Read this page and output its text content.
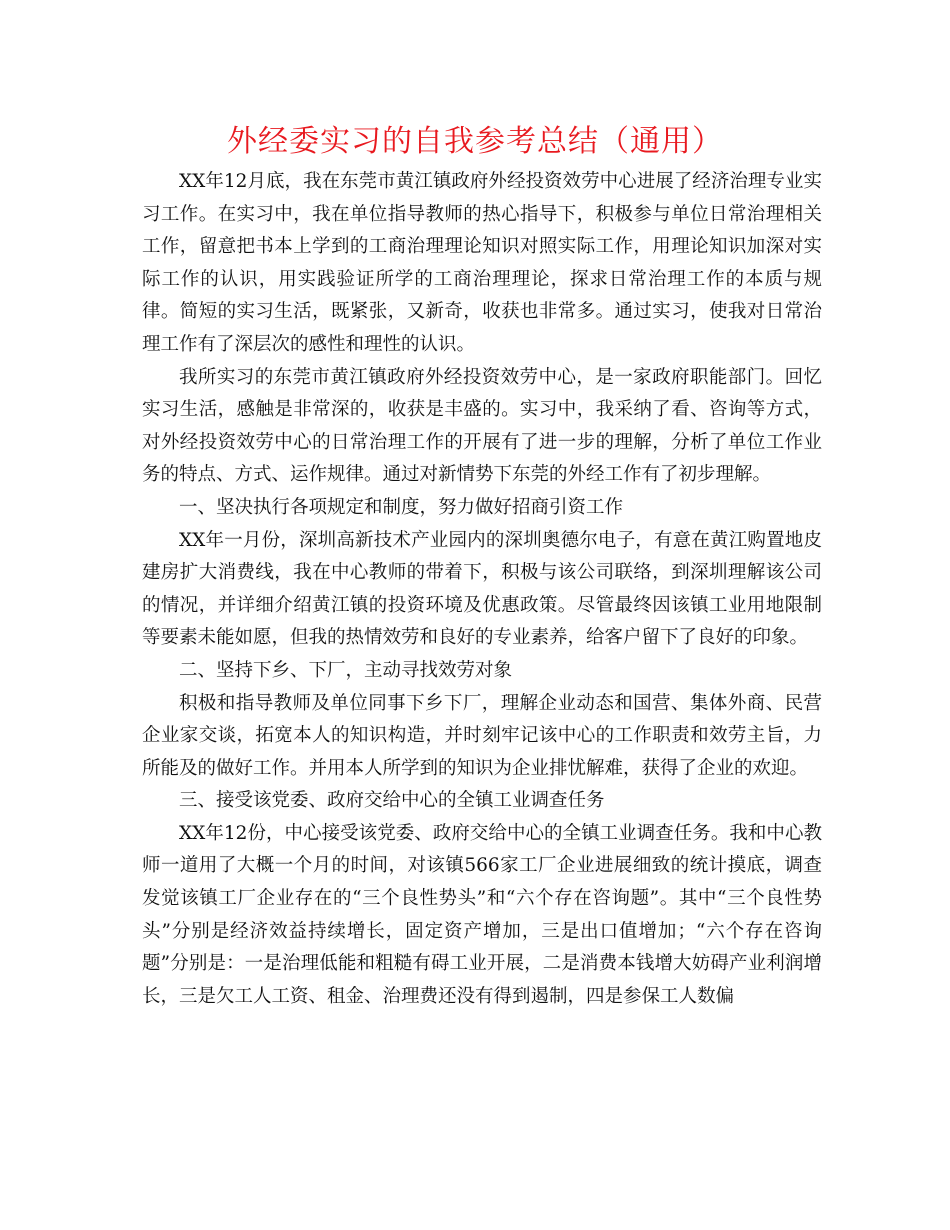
外经委实习的自我参考总结（通用）

XX年12月底，我在东莞市黄江镇政府外经投资效劳中心进展了经济治理专业实习工作。在实习中，我在单位指导教师的热心指导下，积极参与单位日常治理相关工作，留意把书本上学到的工商治理理论知识对照实际工作，用理论知识加深对实际工作的认识，用实践验证所学的工商治理理论，探求日常治理工作的本质与规律。简短的实习生活，既紧张，又新奇，收获也非常多。通过实习，使我对日常治理工作有了深层次的感性和理性的认识。

我所实习的东莞市黄江镇政府外经投资效劳中心，是一家政府职能部门。回忆实习生活，感触是非常深的，收获是丰盛的。实习中，我采纳了看、咨询等方式，对外经投资效劳中心的日常治理工作的开展有了进一步的理解，分析了单位工作业务的特点、方式、运作规律。通过对新情势下东莞的外经工作有了初步理解。

一、坚决执行各项规定和制度，努力做好招商引资工作

XX年一月份，深圳高新技术产业园内的深圳奥德尔电子，有意在黄江购置地皮建房扩大消费线，我在中心教师的带着下，积极与该公司联络，到深圳理解该公司的情况，并详细介绍黄江镇的投资环境及优惠政策。尽管最终因该镇工业用地限制等要素未能如愿，但我的热情效劳和良好的专业素养，给客户留下了良好的印象。

二、坚持下乡、下厂，主动寻找效劳对象

积极和指导教师及单位同事下乡下厂，理解企业动态和国营、集体外商、民营企业家交谈，拓宽本人的知识构造，并时刻牢记该中心的工作职责和效劳主旨，力所能及的做好工作。并用本人所学到的知识为企业排忧解难，获得了企业的欢迎。

三、接受该党委、政府交给中心的全镇工业调查任务

XX年12份，中心接受该党委、政府交给中心的全镇工业调查任务。我和中心教师一道用了大概一个月的时间，对该镇566家工厂企业进展细致的统计摸底，调查发觉该镇工厂企业存在的“三个良性势头”和“六个存在咨询题”。其中“三个良性势头”分别是经济效益持续增长，固定资产增加，三是出口值增加；“六个存在咨询题”分别是：一是治理低能和粗糙有碍工业开展，二是消费本钱增大妨碍产业利润增长，三是欠工人工资、租金、治理费还没有得到遏制，四是参保工人数偏
